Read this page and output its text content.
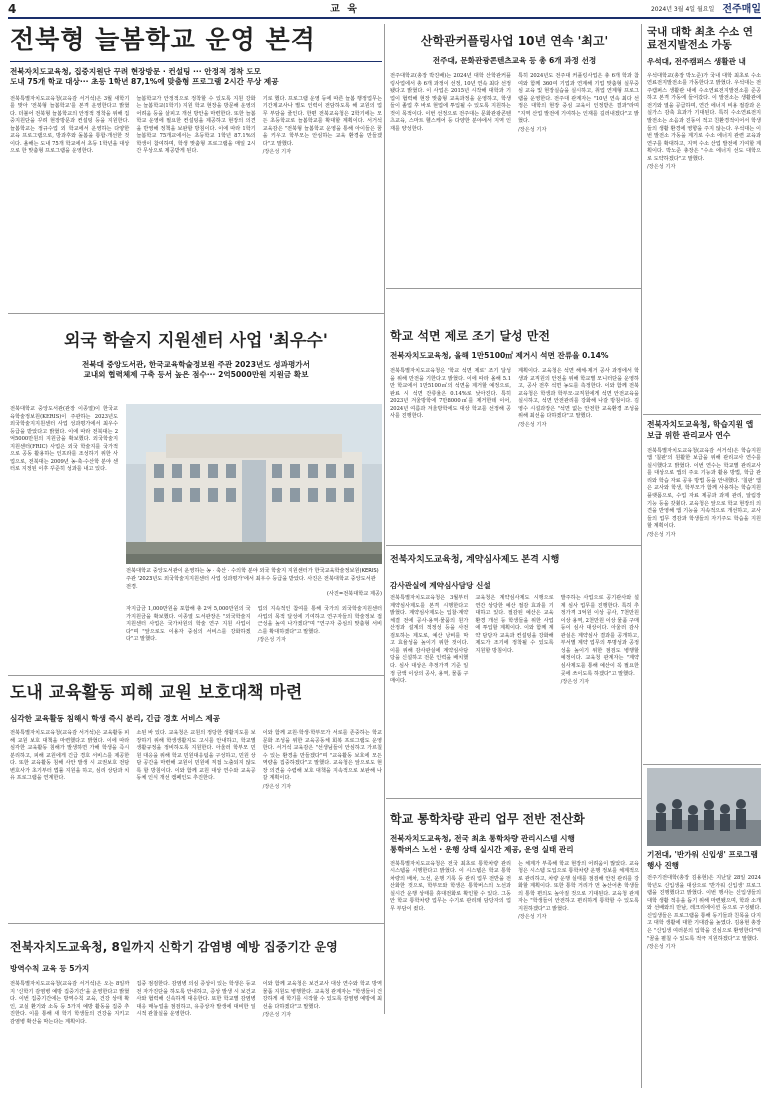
4	교 육	2024년 3월 4일 월요일 전주매일
전북형 늘봄학교 운영 본격
전북자치도교육청, 집중지원단 꾸려 현장방문 · 컨설팅 ··· 안정적 정착 도모
도내 75개 학교 대상··· 초등 1학년 87,1%에 맞춤형 프로그램 2시간 무상 제공

전북특별자치도교육청(교육감 서거석)은 3월 새학기를 맞아 '전북형 늘봄학교'를 본격 운영한다고 밝혔다. 더불어 전북형 늘봄학교의 안정적 정착을 위해 집중지원단을 꾸려 현장방문과 컨설팅 등을 지원한다. 늘봄학교는 정규수업 외 학교에서 운영하는 다양한 교육 프로그램으로, 방과후와 돌봄을 통합·개선한 것이다. 올해는 도내 75개 학교에서 초등 1학년을 대상으로 한 맞춤형 프로그램을 운영한다.

늘봄학교가 안정적으로 정착할 수 있도록 지원 강화는 늘봄학교(1학기) 지원 학교 현장을 방문해 운영의 어려움 등을 살피고 개선 방안을 마련한다. 또한 늘봄학교 운영에 필요한 컨설팅을 제공하고 현장의 의견을 반영해 정책을 보완할 방침이다. 이에 따라 1학기 늘봄학교 75개교에서는 초등학교 1학년 87.1%의 학생이 참여하며, 학생 맞춤형 프로그램을 매일 2시간 무상으로 제공받게 된다.

기로 했다. 프로그램 운영 등에 따른 늘봄 행정업무는 기간제교사나 별도 인력이 전담하도록 해 교원의 업무 부담을 줄인다. 한편 전북교육청은 2학기에는 모든 초등학교로 늘봄학교를 확대할 계획이다. 서거석 교육감은 "전북형 늘봄학교 운영을 통해 아이들은 꿈을 키우고 학부모는 안심하는 교육 환경을 만들겠다"고 말했다.

/장은성 기자

외국 학술지 지원센터 사업 '최우수'
전북대 중앙도서관, 한국교육학술정보원 주관 2023년도 성과평가서
교내외 협력체제 구축 등서 높은 점수··· 2억5000만원 지원금 확보

전북대학교 중앙도서관(관장 이종열)이 한국교육학술정보원(KERIS)이 주관하는 2023년도 외국학술지지원센터 사업 성과평가에서 최우수 등급을 받았다고 밝혔다. 이에 따라 전북대는 2억5000만원의 지원금을 확보했다. 외국학술지지원센터(FRIC) 사업은 외국 학술지를 국가적으로 공동 활용하는 인프라를 조성하기 위한 사업으로, 전북대는 2009년 농·축·수산학 분야 센터로 지정된 이후 꾸준히 성과를 내고 있다.

전북대학교 중앙도서관이 운영하는 농 · 축산 · 수의학 분야 외국 학술지 지원센터가 한국교육학술정보원(KERIS) 주관 '2023년도 외국학술지지원센터 사업 성과평가'에서 최우수 등급을 받았다. 사진은 전북대학교 중앙도서관 전경.
(사진=전북대학교 제공)

자지급금 1,000만원을 포함해 총 2억 5,000만원의 국가지원금을 확보했다. 이종열 도서관장은 "외국학술지 지원센터 사업은 국가차원의 학술 연구 지원 사업이다"며 "앞으로도 이용자 중심의 서비스를 강화하겠다"고 말했다.

업의 지속적인 참여를 통해 국가의 외국학술지원센터 사업의 목적 달성에 기여하고 연구자들의 학술정보 접근성을 높여 나가겠다"며 "연구자 중심의 맞춤형 서비스를 확대하겠다"고 말했다.

/장은성 기자

도내 교육활동 피해 교원 보호대책 마련
심각한 교육활동 침해시 학생 즉시 분리, 긴급 경호 서비스 제공

전북특별자치도교육청(교육감 서거석)은 교육활동 피해 교원 보호 대책을 마련했다고 밝혔다. 이에 따라 심각한 교육활동 침해가 발생하면 가해 학생을 즉시 분리하고, 피해 교원에게 긴급 경호 서비스를 제공한다. 또한 교육활동 침해 사안 발생 시 교권보호 전담 변호사가 초기부터 법률 지원을 하고, 심리 상담과 치유 프로그램을 연계한다.

소된 바 있다. 교육청은 교원의 정당한 생활지도를 보장하기 위해 학생생활지도 고시를 안내하고, 학교별 생활규정을 정비하도록 지원한다. 아울러 학부모 민원 대응을 위해 학교 민원대응팀을 구성하고, 민원 상담 공간을 마련해 교원이 민원에 직접 노출되지 않도록 할 방침이다. 이와 함께 교원 대상 연수와 교육공동체 인식 개선 캠페인도 추진한다.

이와 함께 교원·학생·학부모가 서로를 존중하는 학교 문화 조성을 위한 교육공동체 회복 프로그램도 운영한다. 서거석 교육감은 "선생님들이 안심하고 가르칠 수 있는 환경을 만들겠다"며 "교육활동 보호에 모든 역량을 집중하겠다"고 말했다. 교육청은 앞으로도 현장 의견을 수렴해 보호 대책을 지속적으로 보완해 나갈 계획이다.

/장은성 기자

전북자치도교육청, 8일까지 신학기 감염병 예방 집중기간 운영
방역수칙 교육 등 5가지

전북특별자치도교육청(교육감 서거석)은 오는 8일까지 '신학기 감염병 예방 집중기간'을 운영한다고 밝혔다. 이번 집중기간에는 방역수칙 교육, 건강 상태 확인, 교실 환기와 소독 등 5가지 예방 활동을 집중 추진한다. 이를 통해 새 학기 학생들의 건강을 지키고 감염병 확산을 막는다는 계획이다.

집중 점검한다. 감염병 의심 증상이 있는 학생은 등교 전 자가진단을 하도록 안내하고, 증상 발생 시 보건교사와 협력해 신속하게 대응한다. 또한 학교별 감염병 대응 매뉴얼을 점검하고, 유증상자 발생에 대비한 일시적 관찰실을 운영한다.

이와 함께 교육청은 보건교사 대상 연수와 학교 방역 물품 지원도 병행한다. 교육청 관계자는 "학생들이 건강하게 새 학기를 시작할 수 있도록 감염병 예방에 최선을 다하겠다"고 말했다.

/장은성 기자

산학관커플링사업 10년 연속 '최고'
전주대, 문화관광콘텐츠교육 등 총 6개 과정 선정

전주대학교(총장 박진배)는 2024년 대학 산학관커플링사업에서 총 6개 과정이 선정, 10년 연속 최다 선정됐다고 밝혔다. 이 사업은 2015년 시작해 대학과 기업이 협력해 현장 맞춤형 교육과정을 운영하고, 학생들이 졸업 후 바로 현업에 투입될 수 있도록 지원하는 것이 목적이다. 이번 선정으로 전주대는 문화관광콘텐츠교육, 스마트 헬스케어 등 다양한 분야에서 지역 인재를 양성한다.

특히 2024년도 전주대 커플링사업은 총 6개 학과 참여와 함께 360여 기업과 연계해 기업 맞춤형 실무중심 교육 및 현장실습을 실시하고, 취업 연계형 프로그램을 운영한다. 전주대 관계자는 "10년 연속 최다 선정은 대학의 현장 중심 교육이 인정받은 결과"라며 "지역 산업 발전에 기여하는 인재를 길러내겠다"고 밝혔다.

/장은성 기자

학교 석면 제로 조기 달성 만전
전북자치도교육청, 올해 1만5100㎡ 제거시 석면 잔류율 0.14%

전북특별자치도교육청은 '학교 석면 제로' 조기 달성을 위해 만전을 기한다고 밝혔다. 이에 따라 올해 5.1만 학교에서 1만5100㎡의 석면을 제거할 예정으로, 완료 시 석면 잔류율은 0.14%로 낮아진다. 특히 2023년 겨울방학에 7만8000㎡를 제거한데 이어, 2024년 여름과 겨울방학에도 대상 학교를 선정해 공사를 진행한다.

계획이다. 교육청은 석면 해체·제거 공사 과정에서 학생과 교직원의 안전을 위해 학교별 모니터단을 운영하고, 공사 전후 석면 농도를 측정한다. 이와 함께 전북교육청은 학생과 학부모·교직원에게 석면 안전교육을 실시하고, 석면 안전관리를 강화해 나갈 방침이다. 김영수 시설과장은 "석면 없는 안전한 교육환경 조성을 위해 최선을 다하겠다"고 말했다.

/장은성 기자

전북자치도교육청, 계약심사제도 본격 시행
감사관실에 계약심사담당 신설

전북특별자치도교육청은 3월부터 계약심사제도를 본격 시행한다고 밝혔다. 계약심사제도는 입찰·계약 체결 전에 공사·용역·물품의 원가 산정과 설계의 적정성 등을 사전 검토하는 제도로, 예산 낭비를 막고 효율성을 높이기 위한 것이다. 이를 위해 감사관실에 계약심사담당을 신설하고 전문 인력을 배치했다. 심사 대상은 추정가격 기준 일정 금액 이상의 공사, 용역, 물품 구매이다.

교육청은 계약심사제도 시행으로 연간 상당한 예산 절감 효과를 기대하고 있다. 절감된 예산은 교육환경 개선 등 학생들을 위한 사업에 투입할 계획이다. 이와 함께 계약 담당자 교육과 컨설팅을 강화해 제도가 조기에 정착될 수 있도록 지원할 방침이다.

발주하는 사업으로 공기관사와 설계 심사 업무를 진행한다. 특히 추정가격 3억원 이상 공사, 7천만원 이상 용역, 2천만원 이상 물품 구매 등이 심사 대상이다. 아울러 감사관실은 계약심사 결과를 공개하고, 부서별 계약 업무의 투명성과 공정성을 높이기 위한 점검도 병행할 예정이다. 교육청 관계자는 "계약심사제도를 통해 예산이 꼭 필요한 곳에 쓰이도록 하겠다"고 말했다.

/장은성 기자

학교 통학차량 관리 업무 전반 전산화
전북자치도교육청, 전국 최초 통학차량 관리시스템 시행
통학버스 노선 · 운행 상태 실시간 제공, 운영 실태 관리

전북특별자치도교육청은 전국 최초로 통학차량 관리시스템을 시행한다고 밝혔다. 이 시스템은 학교 통학차량의 배차, 노선, 운행 기록 등 관리 업무 전반을 전산화한 것으로, 학부모와 학생은 통학버스의 노선과 실시간 운행 상태를 휴대전화로 확인할 수 있다. 그동안 학교 통학차량 업무는 수기로 관리돼 담당자의 업무 부담이 컸다.

는 체계가 부족해 학교 현장의 어려움이 많았다. 교육청은 시스템 도입으로 통학차량 운행 정보를 체계적으로 관리하고, 차량 운행 실태를 점검해 안전 관리를 강화할 계획이다. 또한 통학 거리가 먼 농산어촌 학생들의 통학 편의도 높아질 것으로 기대된다. 교육청 관계자는 "학생들이 안전하고 편리하게 통학할 수 있도록 지원하겠다"고 밝혔다.

/장은성 기자

국내 대학 최초 수소 연료전지발전소 가동
우석대, 전주캠퍼스 생활관 내

우석대학교(총장 박노준)가 국내 대학 최초로 수소연료전지발전소를 가동한다고 밝혔다. 우석대는 전주캠퍼스 생활관 내에 수소연료전지발전소를 준공하고 본격 가동에 들어갔다. 이 발전소는 생활관에 전기와 열을 공급하며, 연간 에너지 비용 절감과 온실가스 감축 효과가 기대된다. 특히 수소연료전지발전소는 소음과 진동이 적고 친환경적이어서 학생들의 생활 환경에 영향을 주지 않는다. 우석대는 이번 발전소 가동을 계기로 수소 에너지 관련 교육과 연구를 확대하고, 지역 수소 산업 발전에 기여할 계획이다. 박노준 총장은 "수소 에너지 선도 대학으로 도약하겠다"고 말했다.

/장은성 기자

전북자치도교육청, 학습지원 앱 보급 위한 관리교사 연수

전북특별자치도교육청(교육감 서거석)은 학습지원 앱 '칠판'의 원활한 보급을 위해 관리교사 연수를 실시했다고 밝혔다. 이번 연수는 학교별 관리교사를 대상으로 앱의 주요 기능과 활용 방법, 학급 관리와 학습 자료 공유 방법 등을 안내했다. '칠판' 앱은 교사와 학생, 학부모가 함께 사용하는 학습지원 플랫폼으로, 수업 자료 제공과 과제 관리, 알림장 기능 등을 갖췄다. 교육청은 앞으로 학교 현장의 의견을 반영해 앱 기능을 지속적으로 개선하고, 교사들의 업무 경감과 학생들의 자기주도 학습을 지원할 계획이다.

/장은성 기자

기전대, '반가워 신입생' 프로그램 행사 진행

전주기전대학(총장 김용현)은 지난달 28일 2024학년도 신입생을 대상으로 '반가워 신입생' 프로그램을 진행했다고 밝혔다. 이번 행사는 신입생들의 대학 생활 적응을 돕기 위해 마련됐으며, 학과 소개와 선배와의 만남, 레크리에이션 등으로 구성됐다. 신입생들은 프로그램을 통해 동기들과 친목을 다지고 대학 생활에 대한 기대감을 높였다. 김용현 총장은 "신입생 여러분의 입학을 진심으로 환영한다"며 "꿈을 펼칠 수 있도록 적극 지원하겠다"고 말했다.

/장은성 기자
